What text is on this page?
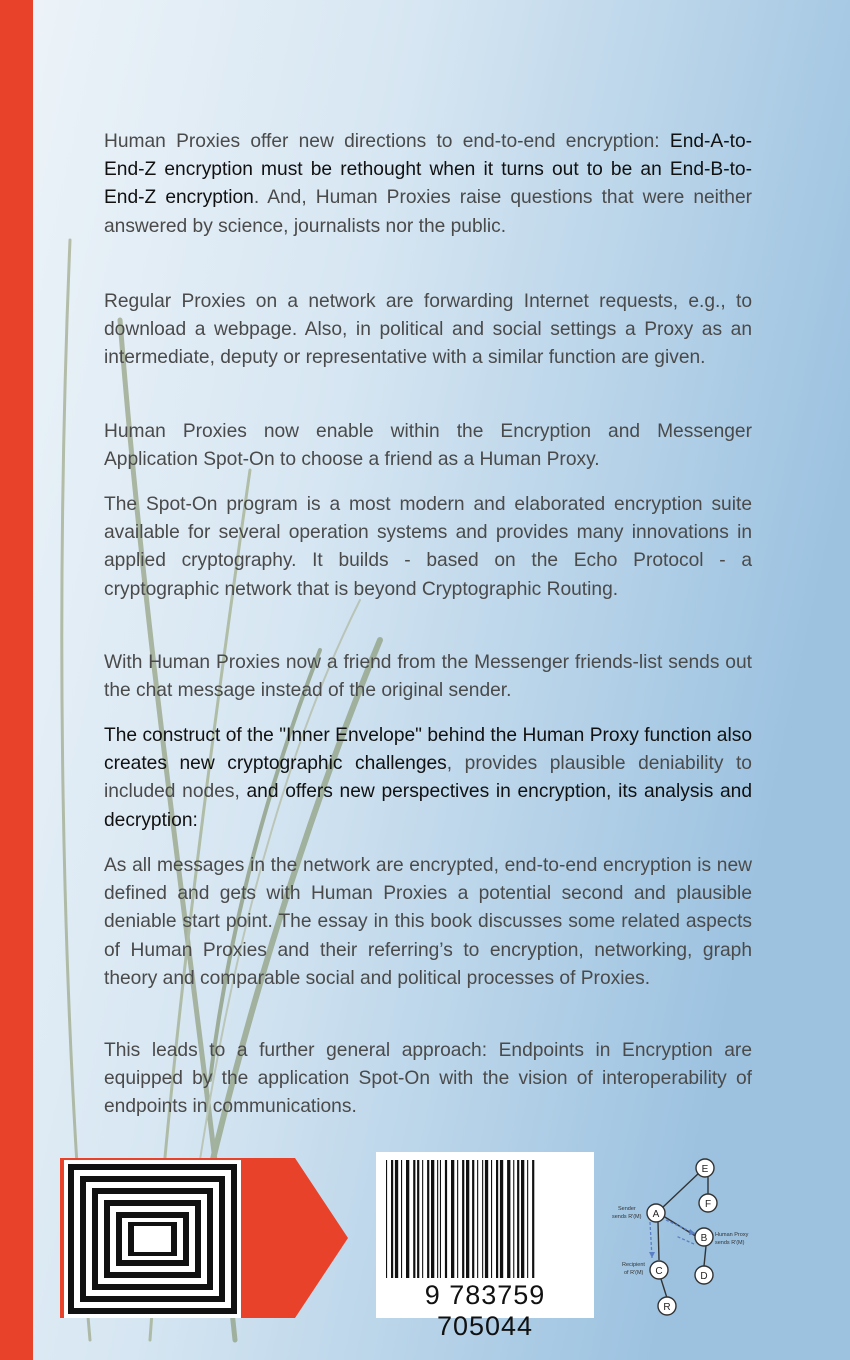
Human Proxies offer new directions to end-to-end encryption: End-A-to-End-Z encryption must be rethought when it turns out to be an End-B-to-End-Z encryption. And, Human Proxies raise questions that were neither answered by science, journalists nor the public.

Regular Proxies on a network are forwarding Internet requests, e.g., to download a webpage. Also, in political and social settings a Proxy as an intermediate, deputy or representative with a similar function are given.

Human Proxies now enable within the Encryption and Messenger Application Spot-On to choose a friend as a Human Proxy.

The Spot-On program is a most modern and elaborated encryption suite available for several operation systems and provides many innovations in applied cryptography. It builds - based on the Echo Protocol - a cryptographic network that is beyond Cryptographic Routing.

With Human Proxies now a friend from the Messenger friends-list sends out the chat message instead of the original sender.

The construct of the "Inner Envelope" behind the Human Proxy function also creates new cryptographic challenges, provides plausible deniability to included nodes, and offers new perspectives in encryption, its analysis and decryption:

As all messages in the network are encrypted, end-to-end encryption is new defined and gets with Human Proxies a potential second and plausible deniable start point. The essay in this book discusses some related aspects of Human Proxies and their referring’s to encryption, networking, graph theory and comparable social and political processes of Proxies.

This leads to a further general approach: Endpoints in Encryption are equipped by the application Spot-On with the vision of interoperability of endpoints in communications.

9 783759 705044
E
F
A
B
C	D
R
Sender
sends R'(M)
Human Proxy
sends R'(M)
Recipient
of R'(M)
